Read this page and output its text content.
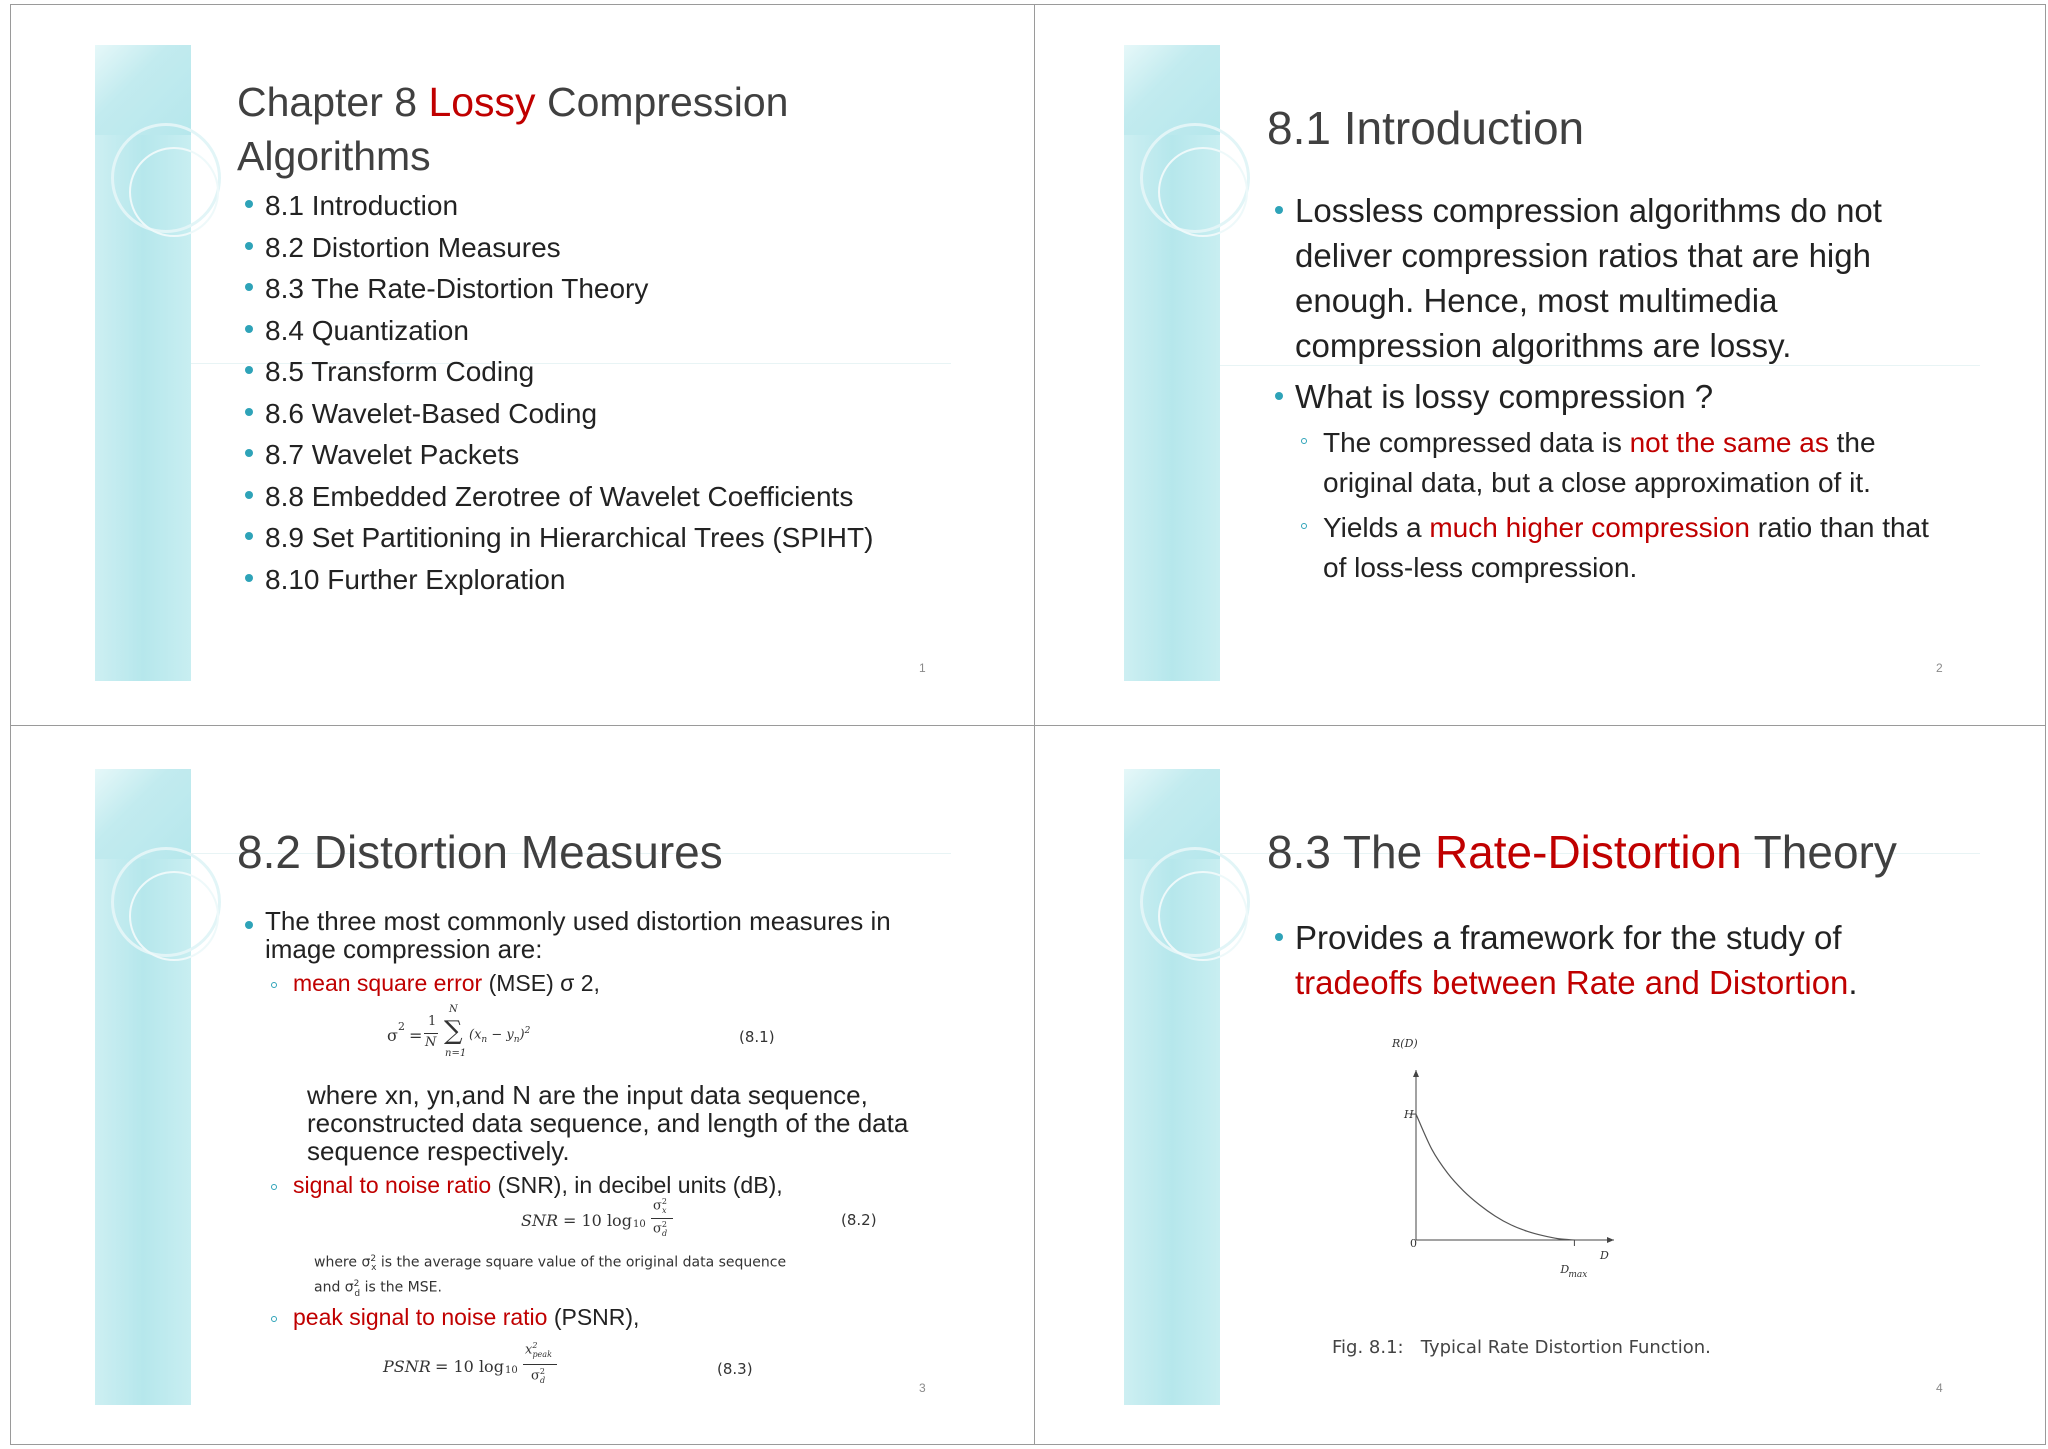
Chapter 8 Lossy Compression
Algorithms
8.1 Introduction
8.2 Distortion Measures
8.3 The Rate-Distortion Theory
8.4 Quantization
8.5 Transform Coding
8.6 Wavelet-Based Coding
8.7 Wavelet Packets
8.8 Embedded Zerotree of Wavelet Coefficients
8.9 Set Partitioning in Hierarchical Trees (SPIHT)
8.10 Further Exploration
1
8.1 Introduction
Lossless compression algorithms do not deliver compression ratios that are high enough. Hence, most multimedia compression algorithms are lossy.
What is lossy compression ?
The compressed data is not the same as the original data, but a close approximation of it.
Yields a much higher compression ratio than that of loss-less compression.
2
8.2 Distortion Measures
The three most commonly used distortion measures in image compression are:
mean square error (MSE) σ 2,
σ 2 =
1
N ∑
N
n=1
$(x_n - y_n)^2$	(8.1)
where xn, yn,and N are the input data sequence, reconstructed data sequence, and length of the data sequence respectively.
signal to noise ratio (SNR), in decibel units (dB),
SNR = 10 log 10
$\sigma^2_x$
$\sigma^2_d$
(8.2)
where $\sigma^2_x$ is the average square value of the original data sequence
and $\sigma^2_d$ is the MSE.
peak signal to noise ratio (PSNR),
PSNR = 10 log 10
$x^2_{peak}$
$\sigma^2_d$
(8.3)
3
8.3 The Rate-Distortion Theory
Provides a framework for the study of tradeoffs between Rate and Distortion.
R(D)
H
0
D
D max
Fig. 8.1:   Typical Rate Distortion Function.
4
